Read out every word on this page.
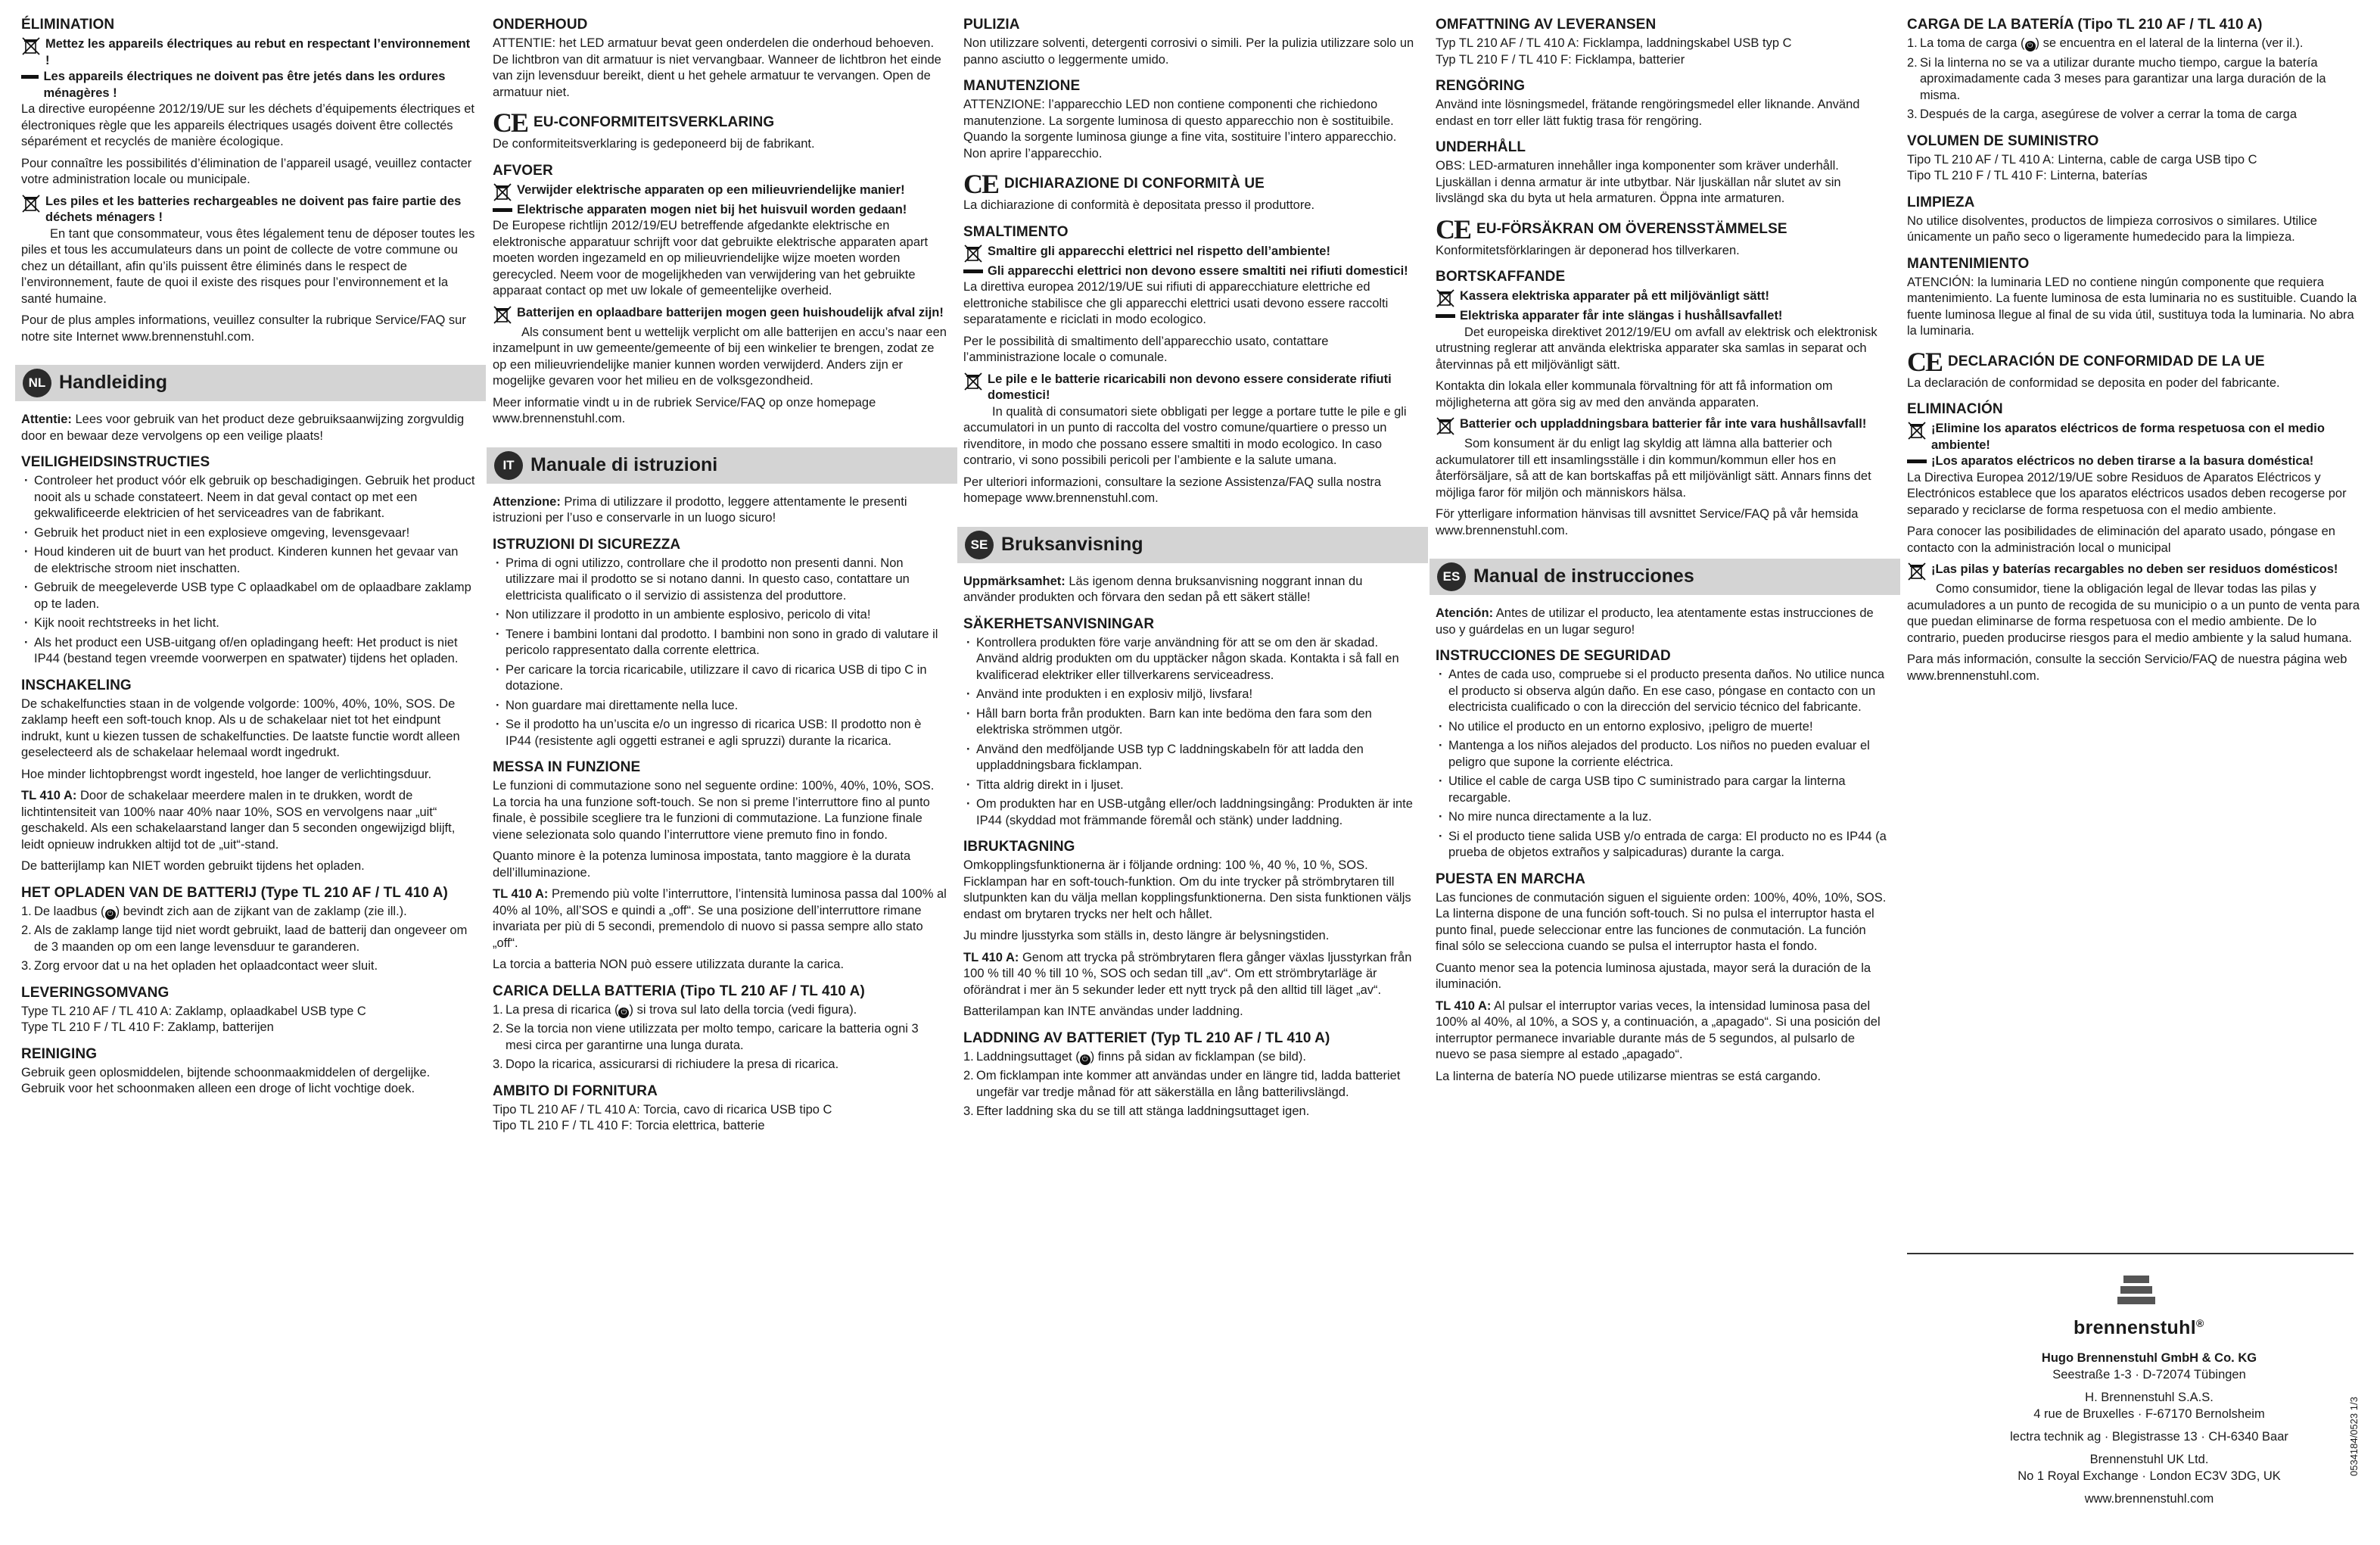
ÉLIMINATION
Mettez les appareils électriques au rebut en respectant l’environnement !
Les appareils électriques ne doivent pas être jetés dans les ordures ménagères !

La directive européenne 2012/19/UE sur les déchets d’équipements électriques et électroniques règle que les appareils électriques usagés doivent être collectés séparément et recyclés de manière écologique.

Pour connaître les possibilités d’élimination de l’appareil usagé, veuillez contacter votre administration locale ou municipale.

Les piles et les batteries rechargeables ne doivent pas faire partie des déchets ménagers !

En tant que consommateur, vous êtes légalement tenu de déposer toutes les piles et tous les accumulateurs dans un point de collecte de votre commune ou chez un détaillant, afin qu’ils puissent être éliminés dans le respect de l’environnement, faute de quoi il existe des risques pour l’environnement et la santé humaine.

Pour de plus amples informations, veuillez consulter la rubrique Service/FAQ sur notre site Internet www.brennenstuhl.com.

NL Handleiding

Attentie: Lees voor gebruik van het product deze gebruiksaanwijzing zorgvuldig door en bewaar deze vervolgens op een veilige plaats!

VEILIGHEIDSINSTRUCTIES
· Controleer het product vóór elk gebruik op beschadigingen. Gebruik het product nooit als u schade constateert. Neem in dat geval contact op met een gekwalificeerde elektricien of het serviceadres van de fabrikant.
· Gebruik het product niet in een explosieve omgeving, levensgevaar!
· Houd kinderen uit de buurt van het product. Kinderen kunnen het gevaar van de elektrische stroom niet inschatten.
· Gebruik de meegeleverde USB type C oplaadkabel om de oplaadbare zaklamp op te laden.
· Kijk nooit rechtstreeks in het licht.
· Als het product een USB-uitgang of/en opladingang heeft: Het product is niet IP44 (bestand tegen vreemde voorwerpen en spatwater) tijdens het opladen.
INSCHAKELING

De schakelfuncties staan in de volgende volgorde: 100%, 40%, 10%, SOS. De zaklamp heeft een soft-touch knop. Als u de schakelaar niet tot het eindpunt indrukt, kunt u kiezen tussen de schakelfuncties. De laatste functie wordt alleen geselecteerd als de schakelaar helemaal wordt ingedrukt.

Hoe minder lichtopbrengst wordt ingesteld, hoe langer de verlichtingsduur.

TL 410 A: Door de schakelaar meerdere malen in te drukken, wordt de lichtintensiteit van 100% naar 40% naar 10%, SOS en vervolgens naar „uit“ geschakeld. Als een schakelaarstand langer dan 5 seconden ongewijzigd blijft, leidt opnieuw indrukken altijd tot de „uit“-stand.

De batterijlamp kan NIET worden gebruikt tijdens het opladen.

HET OPLADEN VAN DE BATTERIJ (Type TL 210 AF / TL 410 A)
1. De laadbus ( ⏻ ) bevindt zich aan de zijkant van de zaklamp (zie ill.).
2. Als de zaklamp lange tijd niet wordt gebruikt, laad de batterij dan ongeveer om de 3 maanden op om een lange levensduur te garanderen.
3. Zorg ervoor dat u na het opladen het oplaadcontact weer sluit.
LEVERINGSOMVANG

Type TL 210 AF / TL 410 A: Zaklamp, oplaadkabel USB type C
Type TL 210 F / TL 410 F: Zaklamp, batterijen

REINIGING

Gebruik geen oplosmiddelen, bijtende schoonmaakmiddelen of dergelijke. Gebruik voor het schoonmaken alleen een droge of licht vochtige doek.

ONDERHOUD

ATTENTIE: het LED armatuur bevat geen onderdelen die onderhoud behoeven. De lichtbron van dit armatuur is niet vervangbaar. Wanneer de lichtbron het einde van zijn levensduur bereikt, dient u het gehele armatuur te vervangen. Open de armatuur niet.

CE EU-CONFORMITEITSVERKLARING

De conformiteitsverklaring is gedeponeerd bij de fabrikant.

AFVOER
Verwijder elektrische apparaten op een milieuvriendelijke manier!
Elektrische apparaten mogen niet bij het huisvuil worden gedaan!

De Europese richtlijn 2012/19/EU betreffende afgedankte elektrische en elektronische apparatuur schrijft voor dat gebruikte elektrische apparaten apart moeten worden ingezameld en op milieuvriendelijke wijze moeten worden gerecycled. Neem voor de mogelijkheden van verwijdering van het gebruikte apparaat contact op met uw lokale of gemeentelijke overheid.

Batterijen en oplaadbare batterijen mogen geen huishoudelijk afval zijn!

Als consument bent u wettelijk verplicht om alle batterijen en accu’s naar een inzamelpunt in uw gemeente/gemeente of bij een winkelier te brengen, zodat ze op een milieuvriendelijke manier kunnen worden verwijderd. Anders zijn er mogelijke gevaren voor het milieu en de volksgezondheid.

Meer informatie vindt u in de rubriek Service/FAQ op onze homepage www.brennenstuhl.com.

IT Manuale di istruzioni

Attenzione: Prima di utilizzare il prodotto, leggere attentamente le presenti istruzioni per l’uso e conservarle in un luogo sicuro!

ISTRUZIONI DI SICUREZZA
· Prima di ogni utilizzo, controllare che il prodotto non presenti danni. Non utilizzare mai il prodotto se si notano danni. In questo caso, contattare un elettricista qualificato o il servizio di assistenza del produttore.
· Non utilizzare il prodotto in un ambiente esplosivo, pericolo di vita!
· Tenere i bambini lontani dal prodotto. I bambini non sono in grado di valutare il pericolo rappresentato dalla corrente elettrica.
· Per caricare la torcia ricaricabile, utilizzare il cavo di ricarica USB di tipo C in dotazione.
· Non guardare mai direttamente nella luce.
· Se il prodotto ha un’uscita e/o un ingresso di ricarica USB: Il prodotto non è IP44 (resistente agli oggetti estranei e agli spruzzi) durante la ricarica.
MESSA IN FUNZIONE

Le funzioni di commutazione sono nel seguente ordine: 100%, 40%, 10%, SOS. La torcia ha una funzione soft-touch. Se non si preme l’interruttore fino al punto finale, è possibile scegliere tra le funzioni di commutazione. La funzione finale viene selezionata solo quando l’interruttore viene premuto fino in fondo.

Quanto minore è la potenza luminosa impostata, tanto maggiore è la durata dell’illuminazione.

TL 410 A: Premendo più volte l’interruttore, l’intensità luminosa passa dal 100% al 40% al 10%, all’SOS e quindi a „off“. Se una posizione dell’interruttore rimane invariata per più di 5 secondi, premendolo di nuovo si passa sempre allo stato „off“.

La torcia a batteria NON può essere utilizzata durante la carica.

CARICA DELLA BATTERIA (Tipo TL 210 AF / TL 410 A)
1. La presa di ricarica ( ⏻ ) si trova sul lato della torcia (vedi figura).
2. Se la torcia non viene utilizzata per molto tempo, caricare la batteria ogni 3 mesi circa per garantirne una lunga durata.
3. Dopo la ricarica, assicurarsi di richiudere la presa di ricarica.
AMBITO DI FORNITURA

Tipo TL 210 AF / TL 410 A: Torcia, cavo di ricarica USB tipo C
Tipo TL 210 F / TL 410 F: Torcia elettrica, batterie

PULIZIA

Non utilizzare solventi, detergenti corrosivi o simili. Per la pulizia utilizzare solo un panno asciutto o leggermente umido.

MANUTENZIONE

ATTENZIONE: l’apparecchio LED non contiene componenti che richiedono manutenzione. La sorgente luminosa di questo apparecchio non è sostituibile. Quando la sorgente luminosa giunge a fine vita, sostituire l’intero apparecchio. Non aprire l’apparecchio.

CE DICHIARAZIONE DI CONFORMITÀ UE

La dichiarazione di conformità è depositata presso il produttore.

SMALTIMENTO
Smaltire gli apparecchi elettrici nel rispetto dell’ambiente!
Gli apparecchi elettrici non devono essere smaltiti nei rifiuti domestici!

La direttiva europea 2012/19/UE sui rifiuti di apparecchiature elettriche ed elettroniche stabilisce che gli apparecchi elettrici usati devono essere raccolti separatamente e riciclati in modo ecologico.

Per le possibilità di smaltimento dell’apparecchio usato, contattare l’amministrazione locale o comunale.

Le pile e le batterie ricaricabili non devono essere considerate rifiuti domestici!

In qualità di consumatori siete obbligati per legge a portare tutte le pile e gli accumulatori in un punto di raccolta del vostro comune/quartiere o presso un rivenditore, in modo che possano essere smaltiti in modo ecologico. In caso contrario, vi sono possibili pericoli per l’ambiente e la salute umana.

Per ulteriori informazioni, consultare la sezione Assistenza/FAQ sulla nostra homepage www.brennenstuhl.com.

SE Bruksanvisning

Uppmärksamhet: Läs igenom denna bruksanvisning noggrant innan du använder produkten och förvara den sedan på ett säkert ställe!

SÄKERHETSANVISNINGAR
· Kontrollera produkten före varje användning för att se om den är skadad. Använd aldrig produkten om du upptäcker någon skada. Kontakta i så fall en kvalificerad elektriker eller tillverkarens serviceadress.
· Använd inte produkten i en explosiv miljö, livsfara!
· Håll barn borta från produkten. Barn kan inte bedöma den fara som den elektriska strömmen utgör.
· Använd den medföljande USB typ C laddningskabeln för att ladda den uppladdningsbara ficklampan.
· Titta aldrig direkt in i ljuset.
· Om produkten har en USB-utgång eller/och laddningsingång: Produkten är inte IP44 (skyddad mot främmande föremål och stänk) under laddning.
IBRUKTAGNING

Omkopplingsfunktionerna är i följande ordning: 100 %, 40 %, 10 %, SOS. Ficklampan har en soft-touch-funktion. Om du inte trycker på strömbrytaren till slutpunkten kan du välja mellan kopplingsfunktionerna. Den sista funktionen väljs endast om brytaren trycks ner helt och hållet.

Ju mindre ljusstyrka som ställs in, desto längre är belysningstiden.

TL 410 A: Genom att trycka på strömbrytaren flera gånger växlas ljusstyrkan från 100 % till 40 % till 10 %, SOS och sedan till „av“. Om ett strömbrytarläge är oförändrat i mer än 5 sekunder leder ett nytt tryck på den alltid till läget „av“.

Batterilampan kan INTE användas under laddning.

LADDNING AV BATTERIET (Typ TL 210 AF / TL 410 A)
1. Laddningsuttaget ( ⏻ ) finns på sidan av ficklampan (se bild).
2. Om ficklampan inte kommer att användas under en längre tid, ladda batteriet ungefär var tredje månad för att säkerställa en lång batterilivslängd.
3. Efter laddning ska du se till att stänga laddningsuttaget igen.
OMFATTNING AV LEVERANSEN

Typ TL 210 AF / TL 410 A: Ficklampa, laddningskabel USB typ C
Typ TL 210 F / TL 410 F: Ficklampa, batterier

RENGÖRING

Använd inte lösningsmedel, frätande rengöringsmedel eller liknande. Använd endast en torr eller lätt fuktig trasa för rengöring.

UNDERHÅLL

OBS: LED-armaturen innehåller inga komponenter som kräver underhåll. Ljuskällan i denna armatur är inte utbytbar. När ljuskällan når slutet av sin livslängd ska du byta ut hela armaturen. Öppna inte armaturen.

CE EU-FÖRSÄKRAN OM ÖVERENSSTÄMMELSE

Konformitetsförklaringen är deponerad hos tillverkaren.

BORTSKAFFANDE
Kassera elektriska apparater på ett miljövänligt sätt!
Elektriska apparater får inte slängas i hushållsavfallet!

Det europeiska direktivet 2012/19/EU om avfall av elektrisk och elektronisk utrustning reglerar att använda elektriska apparater ska samlas in separat och återvinnas på ett miljövänligt sätt.

Kontakta din lokala eller kommunala förvaltning för att få information om möjligheterna att göra sig av med den använda apparaten.

Batterier och uppladdningsbara batterier får inte vara hushållsavfall!

Som konsument är du enligt lag skyldig att lämna alla batterier och ackumulatorer till ett insamlingsställe i din kommun/kommun eller hos en återförsäljare, så att de kan bortskaffas på ett miljövänligt sätt. Annars finns det möjliga faror för miljön och människors hälsa.

För ytterligare information hänvisas till avsnittet Service/FAQ på vår hemsida www.brennenstuhl.com.

ES Manual de instrucciones

Atención: Antes de utilizar el producto, lea atentamente estas instrucciones de uso y guárdelas en un lugar seguro!

INSTRUCCIONES DE SEGURIDAD
· Antes de cada uso, compruebe si el producto presenta daños. No utilice nunca el producto si observa algún daño. En ese caso, póngase en contacto con un electricista cualificado o con la dirección del servicio técnico del fabricante.
· No utilice el producto en un entorno explosivo, ¡peligro de muerte!
· Mantenga a los niños alejados del producto. Los niños no pueden evaluar el peligro que supone la corriente eléctrica.
· Utilice el cable de carga USB tipo C suministrado para cargar la linterna recargable.
· No mire nunca directamente a la luz.
· Si el producto tiene salida USB y/o entrada de carga: El producto no es IP44 (a prueba de objetos extraños y salpicaduras) durante la carga.
PUESTA EN MARCHA

Las funciones de conmutación siguen el siguiente orden: 100%, 40%, 10%, SOS. La linterna dispone de una función soft-touch. Si no pulsa el interruptor hasta el punto final, puede seleccionar entre las funciones de conmutación. La función final sólo se selecciona cuando se pulsa el interruptor hasta el fondo.

Cuanto menor sea la potencia luminosa ajustada, mayor será la duración de la iluminación.

TL 410 A: Al pulsar el interruptor varias veces, la intensidad luminosa pasa del 100% al 40%, al 10%, a SOS y, a continuación, a „apagado“. Si una posición del interruptor permanece invariable durante más de 5 segundos, al pulsarlo de nuevo se pasa siempre al estado „apagado“.

La linterna de batería NO puede utilizarse mientras se está cargando.

CARGA DE LA BATERÍA (Tipo TL 210 AF / TL 410 A)
1. La toma de carga ( ⏻ ) se encuentra en el lateral de la linterna (ver il.).
2. Si la linterna no se va a utilizar durante mucho tiempo, cargue la batería aproximadamente cada 3 meses para garantizar una larga duración de la misma.
3. Después de la carga, asegúrese de volver a cerrar la toma de carga
VOLUMEN DE SUMINISTRO

Tipo TL 210 AF / TL 410 A: Linterna, cable de carga USB tipo C
Tipo TL 210 F / TL 410 F: Linterna, baterías

LIMPIEZA

No utilice disolventes, productos de limpieza corrosivos o similares. Utilice únicamente un paño seco o ligeramente humedecido para la limpieza.

MANTENIMIENTO

ATENCIÓN: la luminaria LED no contiene ningún componente que requiera mantenimiento. La fuente luminosa de esta luminaria no es sustituible. Cuando la fuente luminosa llegue al final de su vida útil, sustituya toda la luminaria. No abra la luminaria.

CE DECLARACIÓN DE CONFORMIDAD DE LA UE

La declaración de conformidad se deposita en poder del fabricante.

ELIMINACIÓN
¡Elimine los aparatos eléctricos de forma respetuosa con el medio ambiente!
¡Los aparatos eléctricos no deben tirarse a la basura doméstica!

La Directiva Europea 2012/19/UE sobre Residuos de Aparatos Eléctricos y Electrónicos establece que los aparatos eléctricos usados deben recogerse por separado y reciclarse de forma respetuosa con el medio ambiente.

Para conocer las posibilidades de eliminación del aparato usado, póngase en contacto con la administración local o municipal

¡Las pilas y baterías recargables no deben ser residuos domésticos!

Como consumidor, tiene la obligación legal de llevar todas las pilas y acumuladores a un punto de recogida de su municipio o a un punto de venta para que puedan eliminarse de forma respetuosa con el medio ambiente. De lo contrario, pueden producirse riesgos para el medio ambiente y la salud humana.

Para más información, consulte la sección Servicio/FAQ de nuestra página web www.brennenstuhl.com.

brennenstuhl®

Hugo Brennenstuhl GmbH & Co. KG
Seestraße 1-3 · D-72074 Tübingen

H. Brennenstuhl S.A.S.
4 rue de Bruxelles · F-67170 Bernolsheim

lectra technik ag · Blegistrasse 13 · CH-6340 Baar

Brennenstuhl UK Ltd.
No 1 Royal Exchange · London EC3V 3DG, UK

www.brennenstuhl.com

0534184/0523 1/3
